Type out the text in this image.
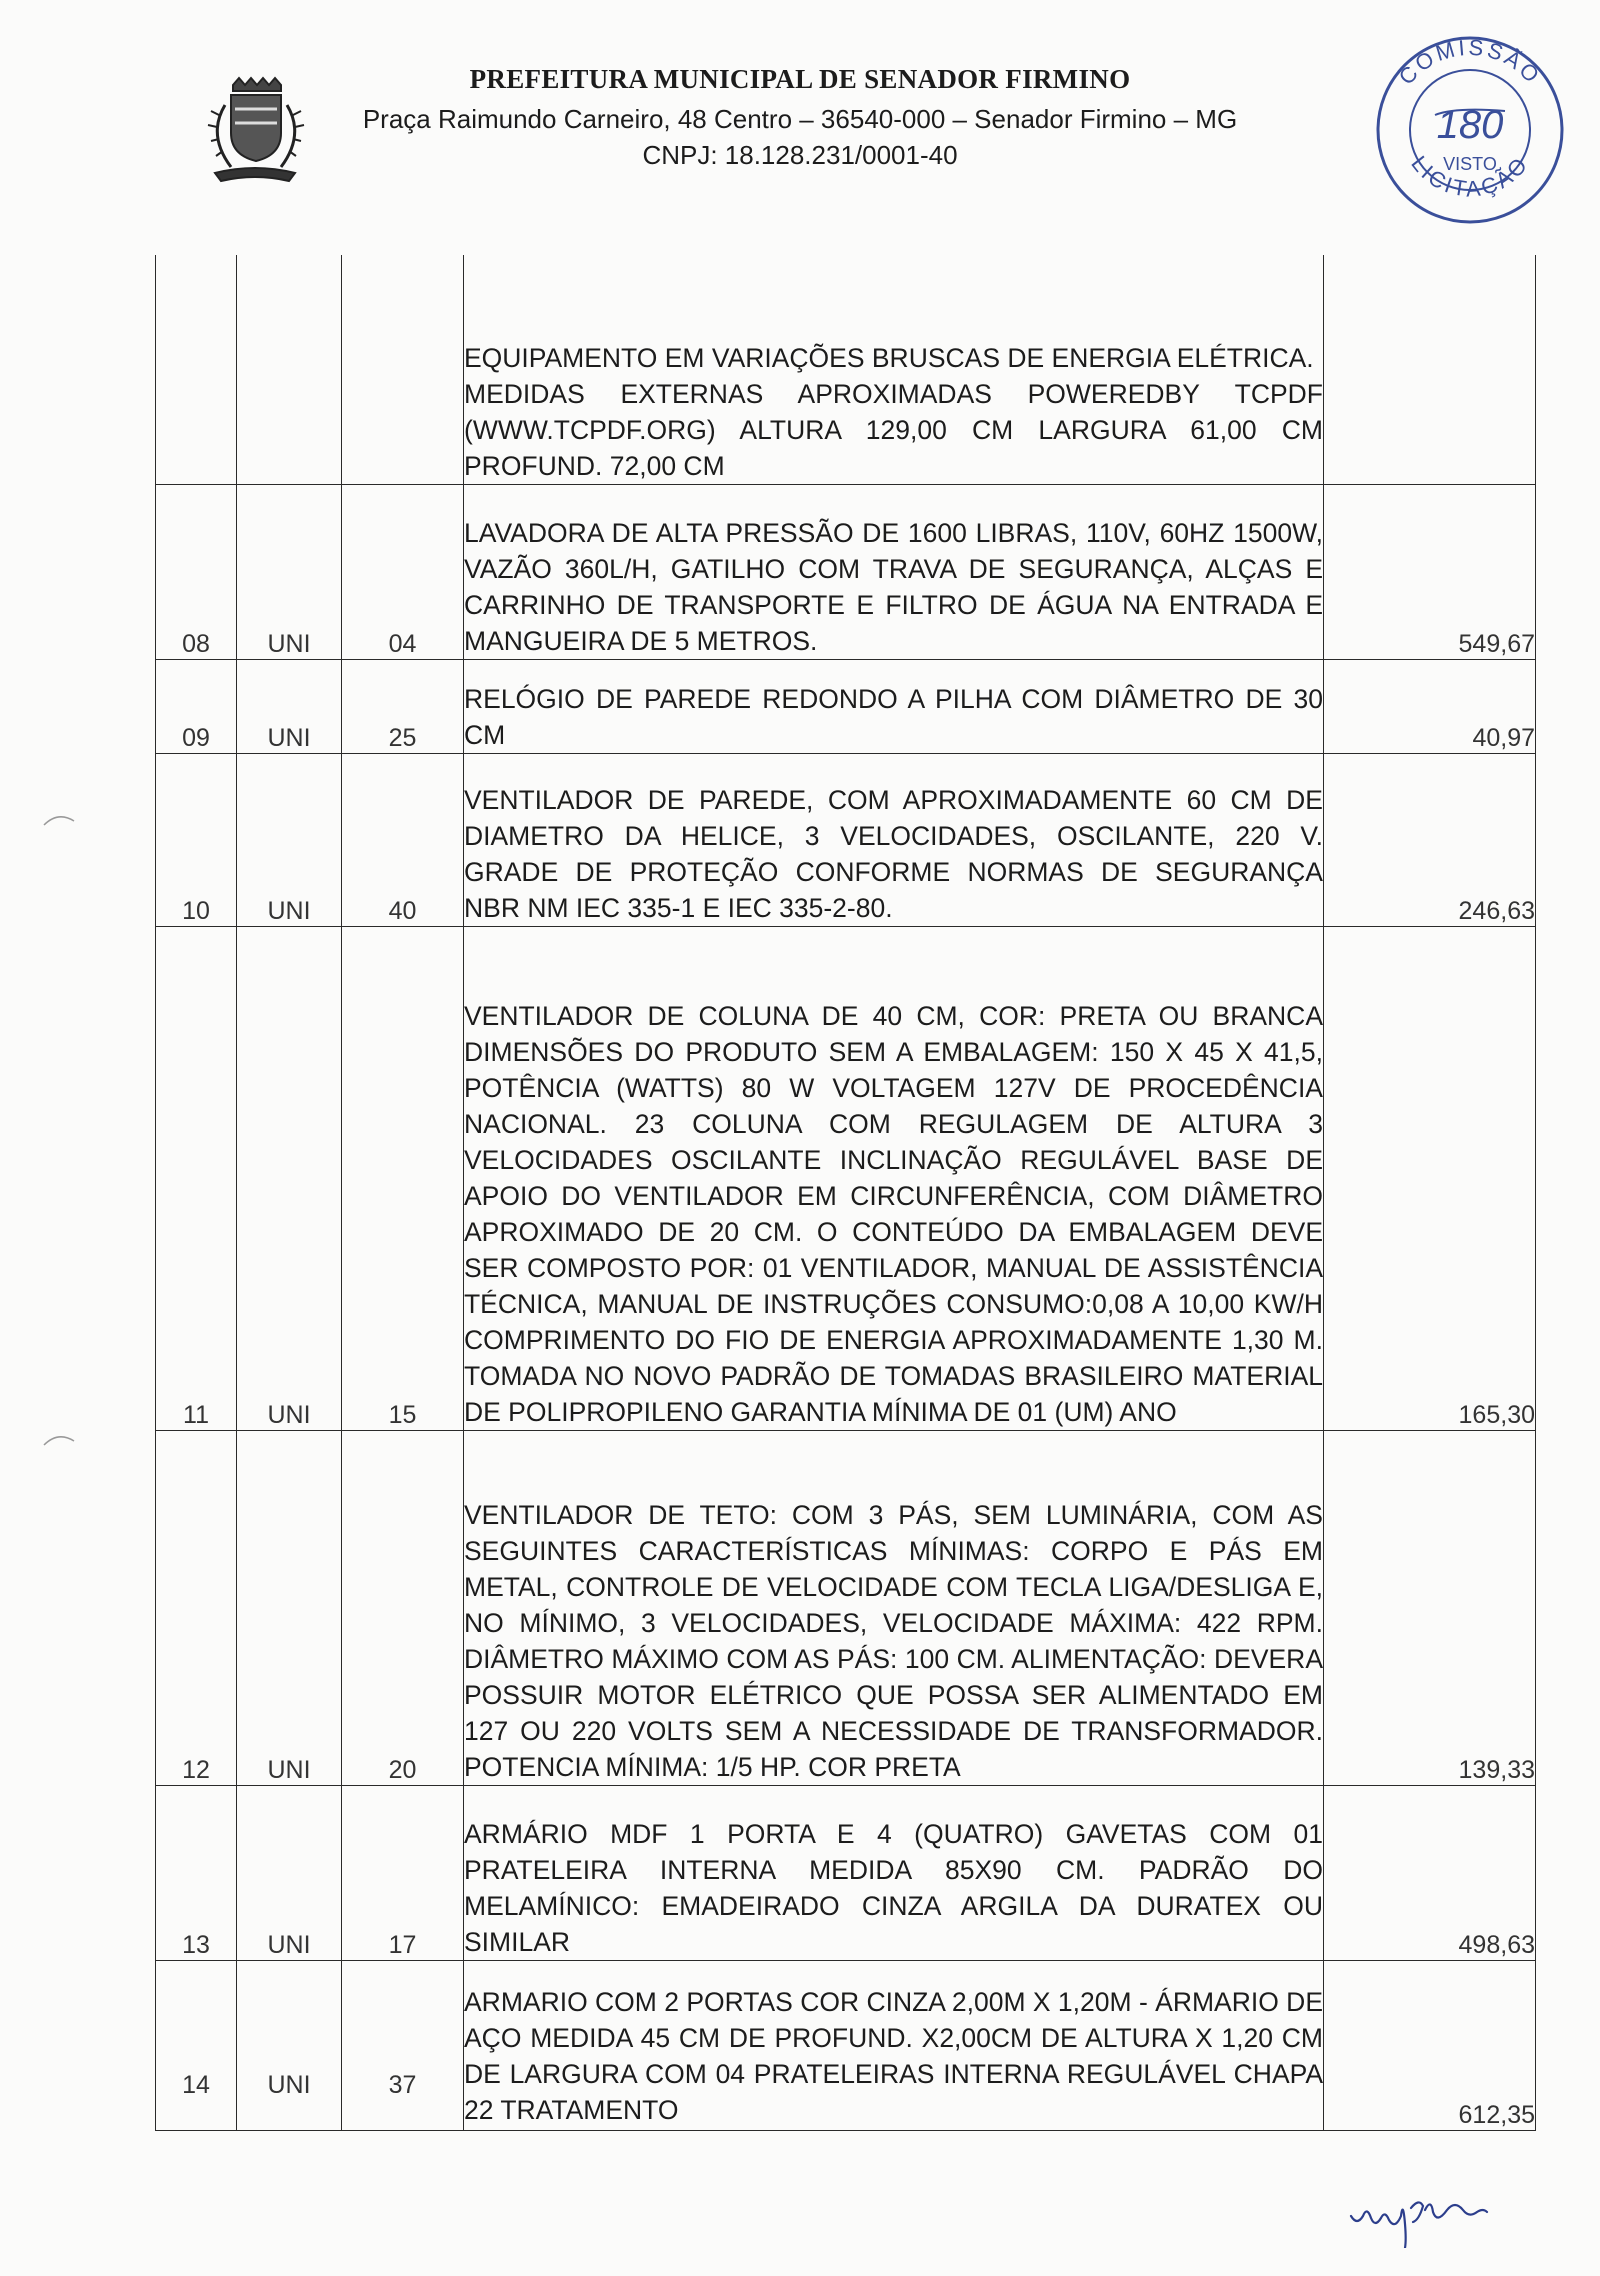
PREFEITURA MUNICIPAL DE SENADOR FIRMINO
Praça Raimundo Carneiro, 48 Centro – 36540-000 – Senador Firmino – MG
CNPJ: 18.128.231/0001-40
COMISSÃO
LICITAÇÃO
180
VISTO
			EQUIPAMENTO EM VARIAÇÕES BRUSCAS DE ENERGIA ELÉTRICA.
MEDIDAS EXTERNAS APROXIMADAS POWEREDBY TCPDF (WWW.TCPDF.ORG) ALTURA 129,00 CM LARGURA 61,00 CM PROFUND. 72,00 CM	
08	UNI	04	LAVADORA DE ALTA PRESSÃO DE 1600 LIBRAS, 110V, 60HZ 1500W, VAZÃO 360L/H, GATILHO COM TRAVA DE SEGURANÇA, ALÇAS E CARRINHO DE TRANSPORTE E FILTRO DE ÁGUA NA ENTRADA E MANGUEIRA DE 5 METROS.	549,67
09	UNI	25	RELÓGIO DE PAREDE REDONDO A PILHA COM DIÂMETRO DE 30 CM	40,97
10	UNI	40	VENTILADOR DE PAREDE, COM APROXIMADAMENTE 60 CM DE DIAMETRO DA HELICE, 3 VELOCIDADES, OSCILANTE, 220 V. GRADE DE PROTEÇÃO CONFORME NORMAS DE SEGURANÇA NBR NM IEC 335-1 E IEC 335-2-80.	246,63
11	UNI	15	VENTILADOR DE COLUNA DE 40 CM, COR: PRETA OU BRANCA DIMENSÕES DO PRODUTO SEM A EMBALAGEM: 150 X 45 X 41,5, POTÊNCIA (WATTS) 80 W VOLTAGEM 127V DE PROCEDÊNCIA NACIONAL. 23 COLUNA COM REGULAGEM DE ALTURA 3 VELOCIDADES OSCILANTE INCLINAÇÃO REGULÁVEL BASE DE APOIO DO VENTILADOR EM CIRCUNFERÊNCIA, COM DIÂMETRO APROXIMADO DE 20 CM. O CONTEÚDO DA EMBALAGEM DEVE SER COMPOSTO POR: 01 VENTILADOR, MANUAL DE ASSISTÊNCIA TÉCNICA, MANUAL DE INSTRUÇÕES CONSUMO:0,08 A 10,00 KW/H COMPRIMENTO DO FIO DE ENERGIA APROXIMADAMENTE 1,30 M. TOMADA NO NOVO PADRÃO DE TOMADAS BRASILEIRO MATERIAL DE POLIPROPILENO GARANTIA MÍNIMA DE 01 (UM) ANO	165,30
12	UNI	20	VENTILADOR DE TETO: COM 3 PÁS, SEM LUMINÁRIA, COM AS SEGUINTES CARACTERÍSTICAS MÍNIMAS: CORPO E PÁS EM METAL, CONTROLE DE VELOCIDADE COM TECLA LIGA/DESLIGA E, NO MÍNIMO, 3 VELOCIDADES, VELOCIDADE MÁXIMA: 422 RPM. DIÂMETRO MÁXIMO COM AS PÁS: 100 CM. ALIMENTAÇÃO: DEVERA POSSUIR MOTOR ELÉTRICO QUE POSSA SER ALIMENTADO EM 127 OU 220 VOLTS SEM A NECESSIDADE DE TRANSFORMADOR. POTENCIA MÍNIMA: 1/5 HP. COR PRETA	139,33
13	UNI	17	ARMÁRIO MDF 1 PORTA E 4 (QUATRO) GAVETAS COM 01 PRATELEIRA INTERNA MEDIDA 85X90 CM. PADRÃO DO MELAMÍNICO: EMADEIRADO CINZA ARGILA DA DURATEX OU SIMILAR	498,63
14	UNI	37	ARMARIO COM 2 PORTAS COR CINZA 2,00M X 1,20M - ÁRMARIO DE AÇO MEDIDA 45 CM DE PROFUND. X2,00CM DE ALTURA X 1,20 CM DE LARGURA COM 04 PRATELEIRAS INTERNA REGULÁVEL CHAPA 22 TRATAMENTO	612,35
